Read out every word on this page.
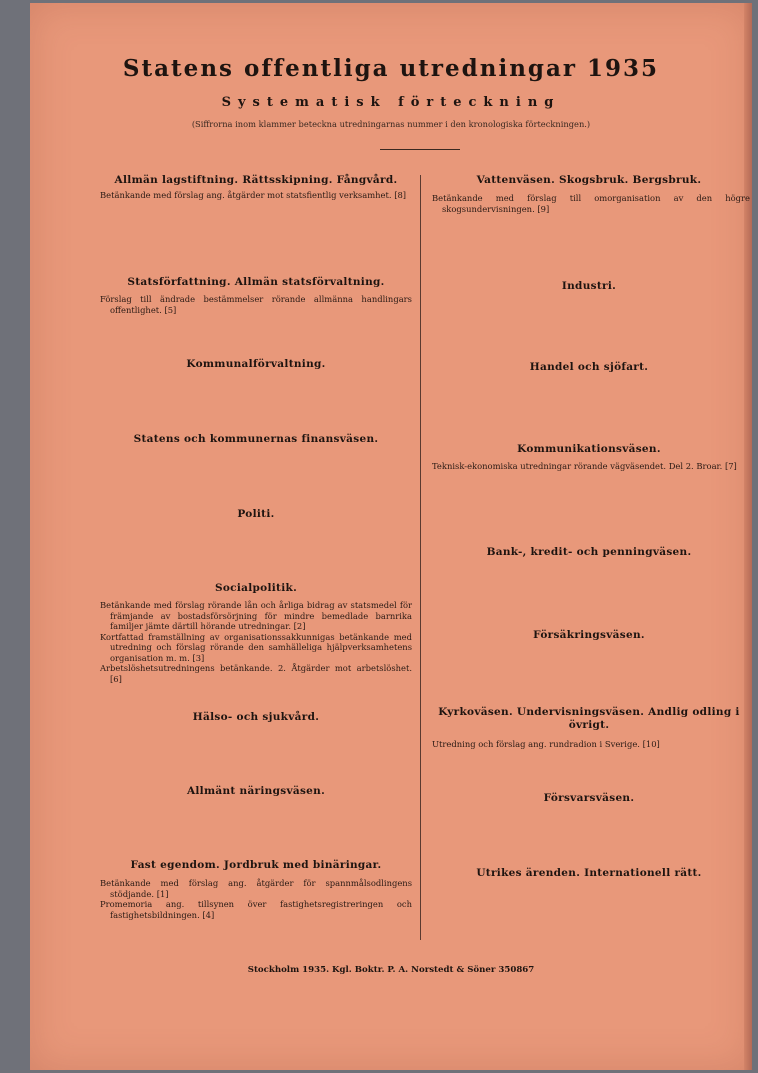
Statens offentliga utredningar 1935
Systematisk förteckning
(Siffrorna inom klammer beteckna utredningarnas nummer i den kronologiska förteckningen.)
Allmän lagstiftning. Rättsskipning. Fångvård.

Betänkande med förslag ang. åtgärder mot statsfientlig verksamhet. [8]

Statsförfattning. Allmän statsförvaltning.

Förslag till ändrade bestämmelser rörande allmänna handlingars offentlighet. [5]

Kommunalförvaltning.
Statens och kommunernas finansväsen.
Politi.
Socialpolitik.

Betänkande med förslag rörande lån och årliga bidrag av statsmedel för främjande av bostadsförsörjning för mindre bemedlade barnrika familjer jämte därtill hörande utredningar. [2]

Kortfattad framställning av organisationssakkunnigas betänkande med utredning och förslag rörande den samhälleliga hjälpverksamhetens organisation m. m. [3]

Arbetslöshetsutredningens betänkande. 2. Åtgärder mot arbetslöshet. [6]

Hälso- och sjukvård.
Allmänt näringsväsen.
Fast egendom. Jordbruk med binäringar.

Betänkande med förslag ang. åtgärder för spannmålsodlingens stödjande. [1]

Promemoria ang. tillsynen över fastighetsregistreringen och fastighetsbildningen. [4]

Vattenväsen. Skogsbruk. Bergsbruk.

Betänkande med förslag till omorganisation av den högre skogsundervisningen. [9]

Industri.
Handel och sjöfart.
Kommunikationsväsen.

Teknisk-ekonomiska utredningar rörande vägväsendet. Del 2. Broar. [7]

Bank-, kredit- och penningväsen.
Försäkringsväsen.
Kyrkoväsen. Undervisningsväsen. Andlig odling i övrigt.

Utredning och förslag ang. rundradion i Sverige. [10]

Försvarsväsen.
Utrikes ärenden. Internationell rätt.
Stockholm 1935. Kgl. Boktr. P. A. Norstedt & Söner 350867
